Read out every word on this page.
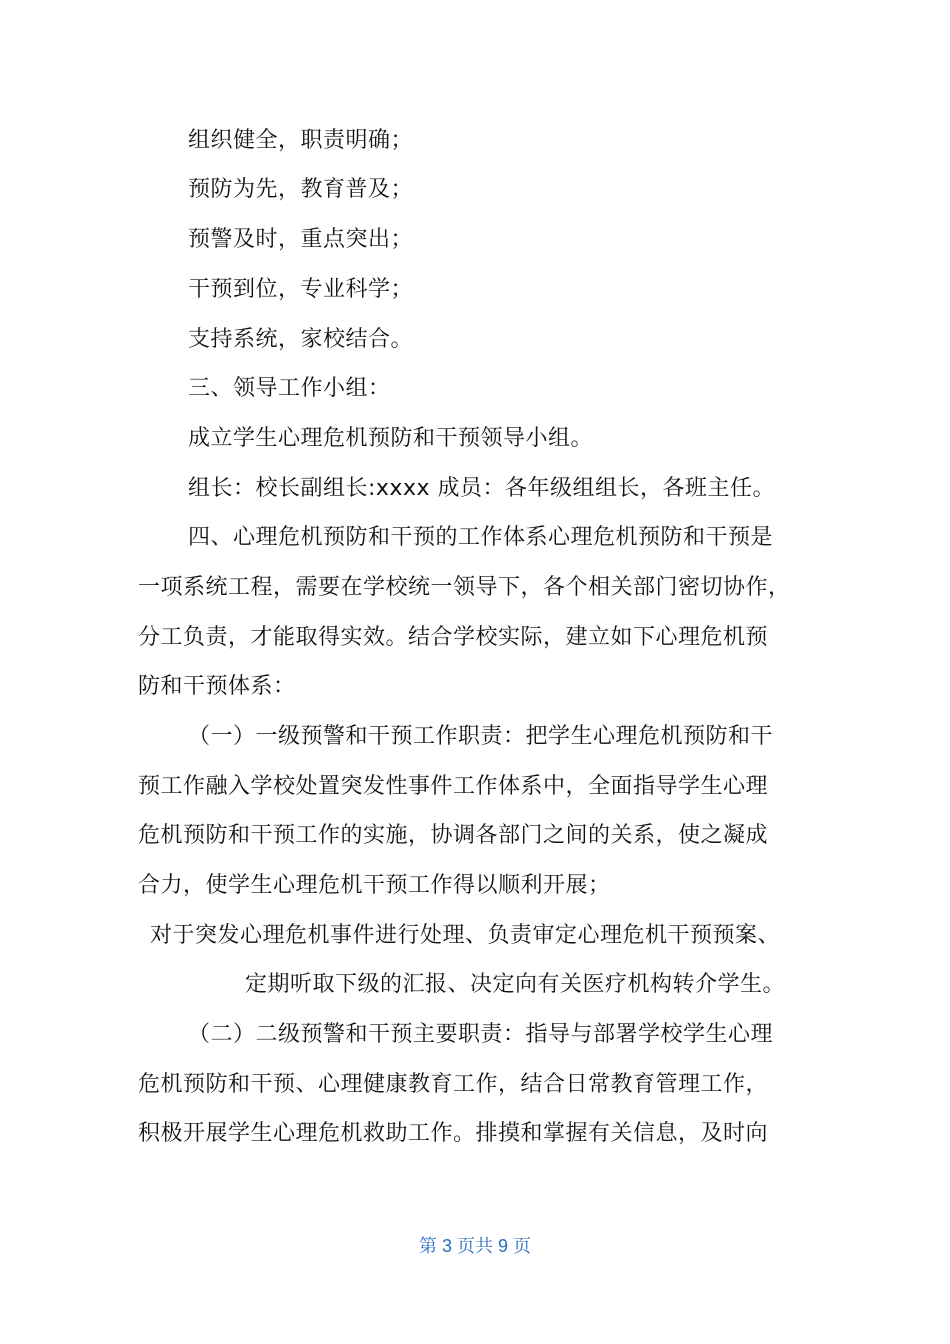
组织健全，职责明确；
预防为先，教育普及；
预警及时，重点突出；
干预到位，专业科学；
支持系统，家校结合。
三、领导工作小组：
成立学生心理危机预防和干预领导小组。
组长：校长副组长:xxxx 成员：各年级组组长，各班主任。
四、心理危机预防和干预的工作体系心理危机预防和干预是
一项系统工程，需要在学校统一领导下，各个相关部门密切协作，
分工负责，才能取得实效。结合学校实际，建立如下心理危机预
防和干预体系：
（一）一级预警和干预工作职责：把学生心理危机预防和干
预工作融入学校处置突发性事件工作体系中，全面指导学生心理
危机预防和干预工作的实施，协调各部门之间的关系，使之凝成
合力，使学生心理危机干预工作得以顺利开展；
对于突发心理危机事件进行处理、负责审定心理危机干预预案、
定期听取下级的汇报、决定向有关医疗机构转介学生。
（二）二级预警和干预主要职责：指导与部署学校学生心理
危机预防和干预、心理健康教育工作，结合日常教育管理工作，
积极开展学生心理危机救助工作。排摸和掌握有关信息，及时向
第 3 页共 9 页
